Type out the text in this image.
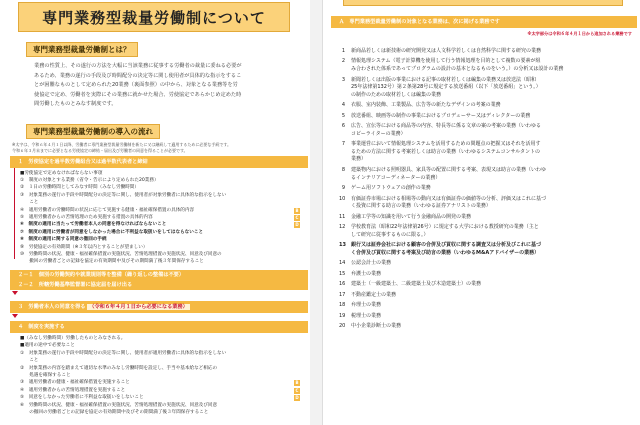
専門業務型裁量労働制について
専門業務型裁量労働制とは？
業務の性質上、その遂行の方法を大幅に当該業務に従事する労働者の裁量に委ねる必要が
あるため、業務の遂行の手段及び時間配分の決定等に関し使用者が具体的な指示をするこ
とが困難なものとして定められた20業務（裏面参照）の中から、対象となる業務等を労
使協定で定め、労働者を実際にその業務に就かせた場合、労使協定であらかじめ定めた時
間労働したものとみなす制度です。
専門業務型裁量労働制の導入の流れ
※太字は、令和６年４月１日以降、労働者に専門業務型裁量労働制を新たに又は継続して適用するために必要な手続です。
令和６年３月末までに必要となる労使協定の締結・届出及び労働者の同意を得ることが必要です。
１　労使協定を過半数労働組合又は過半数代表者と締結
■労使協定で定めなければならない事項
①　制度の対象とする業務（省令・告示により定められた20業務）
②　１日の労働時間としてみなす時間（みなし労働時間）
③　対象業務の遂行の手段や時間配分の決定等に関し、使用者が対象労働者に具体的な指示をしない
　　こと
④　適用労働者の労働時間の状況に応じて実施する健康・福祉確保措置の具体的内容	B
⑤　適用労働者からの苦情処理のため実施する措置の具体的内容	C
⑥　制度の適用に当たって労働者本人の同意を得なければならないこと	D
⑦　制度の適用に労働者が同意をしなかった場合に不利益な取扱いをしてはならないこと
⑧　制度の適用に関する同意の撤回の手続
⑨　労使協定の有効期間（※３年以内とすることが望ましい）
⑩　労働時間の状況、健康・福祉確保措置の実施状況、苦情処理措置の実施状況、同意及び同意の
　　撤回の労働者ごとの記録を協定の有効期間中及びその期間満了後３年間保存すること
２－１　個別の労働契約や就業規則等を整備（繰り返しの整備は不要）
２－２　所轄労働基準監督署に協定届を届け出る
３　労働者本人の同意を得る （令和６年４月１日から必要になる業務）
４　制度を実施する
■（みなし労働時間）労働したものとみなされる。
■適用の途中で必要なこと
①　対象業務の遂行の手段や時間配分の決定等に関し、使用者が適用労働者に具体的な指示をしない
　　こと
②　対象業務の内容を踏まえて適切な水準のみなし労働時間を設定し、手当や基本給など相応の
　　処遇を確保すること
③　適用労働者の健康・福祉確保措置を実施すること	B
④　適用労働者からの苦情処理措置を実施すること	C
⑤　同意をしなかった労働者に不利益な取扱いをしないこと	D
⑥　労働時間の状況、健康・福祉確保措置の実施状況、苦情処理措置の実施状況、同意及び同意
　　の撤回の労働者ごとの記録を協定の有効期間中及びその期間満了後３年間保存すること
Ａ　専門業務型裁量労働制の対象となる業務は、次に掲げる業務です
※太字部分は令和６年４月１日から追加される業務です
1	新商品若しくは新技術の研究開発又は人文科学若しくは自然科学に関する研究の業務
2	情報処理システム（電子計算機を使用して行う情報処理を目的として複数の要素が組
み合わされた体系であってプログラムの設計の基本となるものをいう。）の分析又は設計の業務
3	新聞若しくは出版の事業における記事の取材若しくは編集の業務又は放送法（昭和
25年法律第132号）第２条第28号に規定する放送番組（以下「放送番組」という。）
の制作のための取材若しくは編集の業務
4	衣服、室内装飾、工業製品、広告等の新たなデザインの考案の業務
5	放送番組、映画等の制作の事業におけるプロデューサー又はディレクターの業務
6	広告、宣伝等における商品等の内容、特長等に係る文章の案の考案の業務（いわゆる
コピーライターの業務）
7	事業運営において情報処理システムを活用するための問題点の把握又はそれを活用す
るための方法に関する考案若しくは助言の業務（いわゆるシステムコンサルタントの
業務）
8	建築物内における照明器具、家具等の配置に関する考案、表現又は助言の業務（いわゆ
るインテリアコーディネーターの業務）
9	ゲーム用ソフトウェアの創作の業務
10	有価証券市場における相場等の動向又は有価証券の価値等の分析、評価又はこれに基づ
く投資に関する助言の業務（いわゆる証券アナリストの業務）
11	金融工学等の知識を用いて行う金融商品の開発の業務
12	学校教育法（昭和22年法律第26号）に規定する大学における教授研究の業務（主と
して研究に従事するものに限る。）
13	銀行又は証券会社における顧客の合併及び買収に関する調査又は分析及びこれに基づ
く合併及び買収に関する考案及び助言の業務（いわゆるM&Aアドバイザーの業務）
14	公認会計士の業務
15	弁護士の業務
16	建築士（一級建築士、二級建築士及び木造建築士）の業務
17	不動産鑑定士の業務
18	弁理士の業務
19	税理士の業務
20	中小企業診断士の業務
